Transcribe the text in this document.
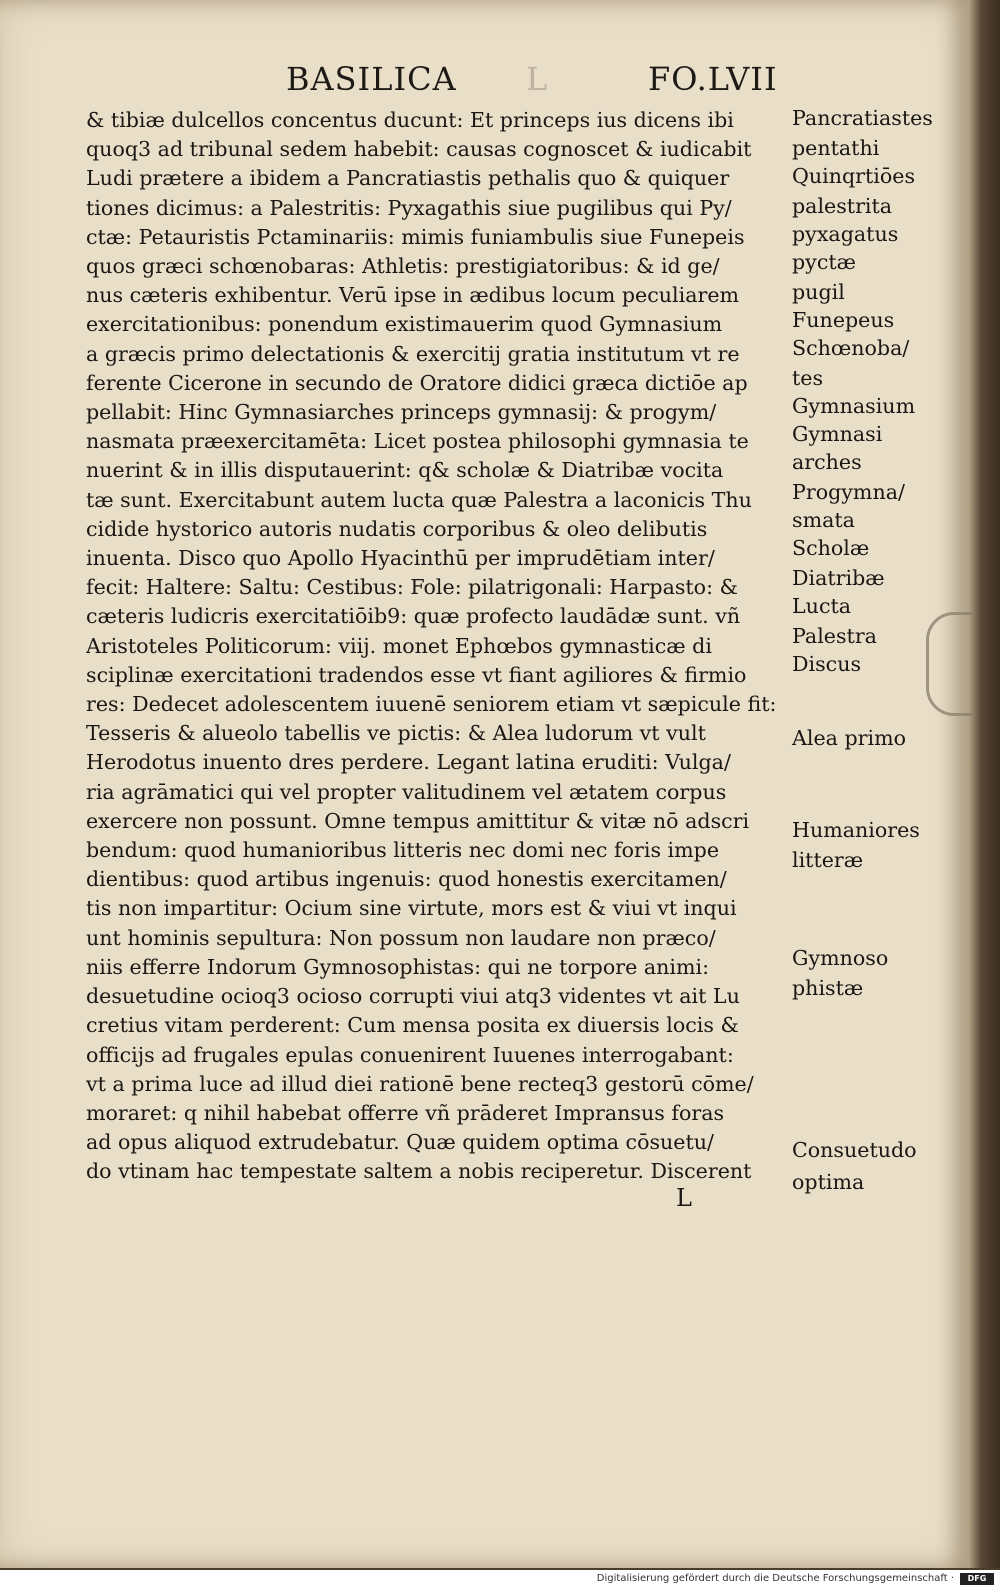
BASILICA L	FO.LVII
& tibiæ dulcellos concentus ducunt: Et princeps ius dicens ibi
quoq3 ad tribunal sedem habebit: causas cognoscet & iudicabit
Ludi prætere a ibidem a Pancratiastis pethalis quo & quiquer
tiones dicimus: a Palestritis: Pyxagathis siue pugilibus qui Py/
ctæ: Petauristis Pctaminariis: mimis funiambulis siue Funepeis
quos græci schœnobaras: Athletis: prestigiatoribus: & id ge/
nus cæteris exhibentur. Verū ipse in ædibus locum peculiarem
exercitationibus: ponendum existimauerim quod Gymnasium
a græcis primo delectationis & exercitij gratia institutum vt re
ferente Cicerone in secundo de Oratore didici græca dictiōe ap
pellabit: Hinc Gymnasiarches princeps gymnasij: & progym/
nasmata præexercitamēta: Licet postea philosophi gymnasia te
nuerint & in illis disputauerint: q& scholæ & Diatribæ vocita
tæ sunt. Exercitabunt autem lucta quæ Palestra a laconicis Thu
cidide hystorico autoris nudatis corporibus & oleo delibutis
inuenta. Disco quo Apollo Hyacinthū per imprudētiam inter/
fecit: Haltere: Saltu: Cestibus: Fole: pilatrigonali: Harpasto: &
cæteris ludicris exercitatiōib9: quæ profecto laudādæ sunt. vñ
Aristoteles Politicorum: viij. monet Ephœbos gymnasticæ di
sciplinæ exercitationi tradendos esse vt fiant agiliores & firmio
res: Dedecet adolescentem iuuenē seniorem etiam vt sæpicule fit:
Tesseris & alueolo tabellis ve pictis: & Alea ludorum vt vult
Herodotus inuento dres perdere. Legant latina eruditi: Vulga/
ria agrāmatici qui vel propter valitudinem vel ætatem corpus
exercere non possunt. Omne tempus amittitur & vitæ nō adscri
bendum: quod humanioribus litteris nec domi nec foris impe
dientibus: quod artibus ingenuis: quod honestis exercitamen/
tis non impartitur: Ocium sine virtute, mors est & viui vt inqui
unt hominis sepultura: Non possum non laudare non præco/
niis efferre Indorum Gymnosophistas: qui ne torpore animi:
desuetudine ocioq3 ocioso corrupti viui atq3 videntes vt ait Lu
cretius vitam perderent: Cum mensa posita ex diuersis locis &
officijs ad frugales epulas conuenirent Iuuenes interrogabant:
vt a prima luce ad illud diei rationē bene recteq3 gestorū cōme/
moraret: q nihil habebat offerre vñ prāderet Impransus foras
ad opus aliquod extrudebatur. Quæ quidem optima cōsuetu/
do vtinam hac tempestate saltem a nobis reciperetur. Discerent
L
Pancratiastes
pentathi
Quinqrtiōes
palestrita
pyxagatus
pyctæ
pugil
Funepeus
Schœnoba/
tes
Gymnasium
Gymnasi
arches
Progymna/
smata
Scholæ
Diatribæ
Lucta
Palestra
Discus
Alea primo
Humaniores
litteræ
Gymnoso
phistæ
Consuetudo
optima
Digitalisierung gefördert durch die Deutsche Forschungsgemeinschaft ·	DFG
